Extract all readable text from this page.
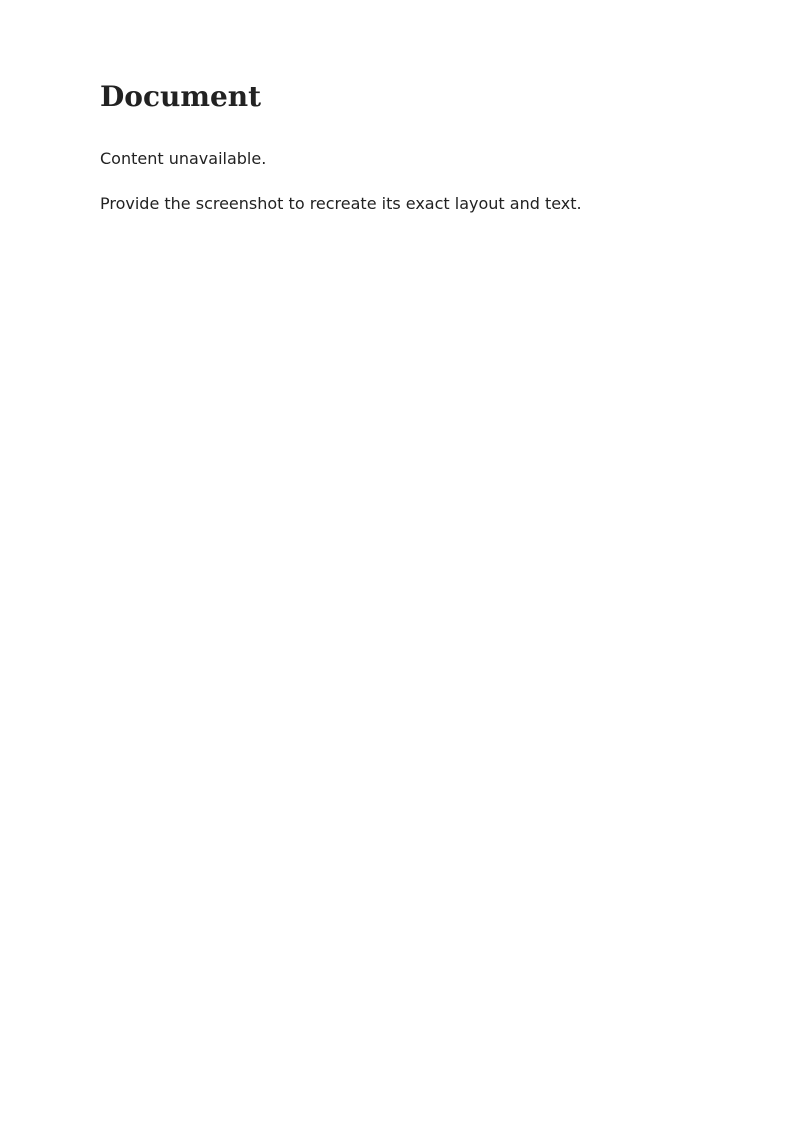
Document

Content unavailable.

Provide the screenshot to recreate its exact layout and text.
